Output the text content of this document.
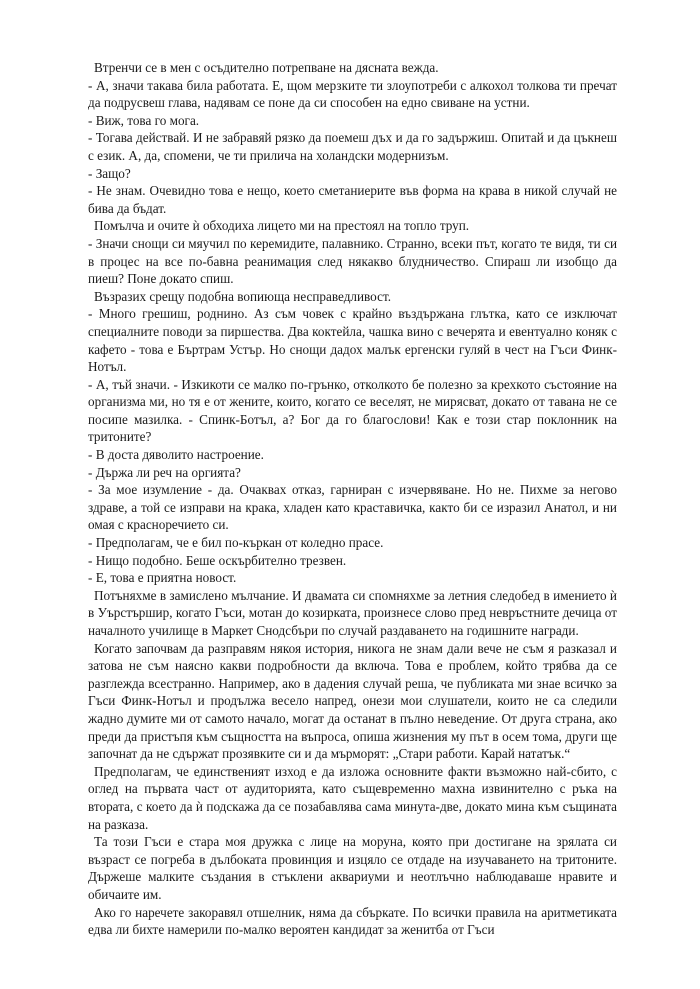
Втренчи се в мен с осъдително потрепване на дясната вежда.

- А, значи такава била работата. Е, щом мерзките ти злоупотреби с алкохол толкова ти пречат да подрусвеш глава, надявам се поне да си способен на едно свиване на устни.

- Виж, това го мога.

- Тогава действай. И не забравяй рязко да поемеш дъх и да го задържиш. Опитай и да цъкнеш с език. А, да, спомени, че ти прилича на холандски модернизъм.

- Защо?

- Не знам. Очевидно това е нещо, което сметаниерите във форма на крава в никой случай не бива да бъдат.

Помълча и очите ѝ обходиха лицето ми на престоял на топло труп.

- Значи снощи си мяучил по керемидите, палавнико. Странно, всеки път, когато те видя, ти си в процес на все по-бавна реанимация след някакво блудничество. Спираш ли изобщо да пиеш? Поне докато спиш.

Възразих срещу подобна вопиюща несправедливост.

- Много грешиш, роднино. Аз съм човек с крайно въздържана глътка, като се изключат специалните поводи за пиршества. Два коктейла, чашка вино с вечерята и евентуално коняк с кафето - това е Бъртрам Устър. Но снощи дадох малък ергенски гуляй в чест на Гъси Финк-Нотъл.

- А, тъй значи. - Изкикоти се малко по-грънко, отколкото бе полезно за крехкото състояние на организма ми, но тя е от жените, които, когато се веселят, не мирясват, докато от тавана не се посипе мазилка. - Спинк-Ботъл, а? Бог да го благослови! Как е този стар поклонник на тритоните?

- В доста дяволито настроение.

- Държа ли реч на оргията?

- За мое изумление - да. Очаквах отказ, гарниран с изчервяване. Но не. Пихме за негово здраве, а той се изправи на крака, хладен като краставичка, както би се изразил Анатол, и ни омая с красноречието си.

- Предполагам, че е бил по-къркан от коледно прасе.

- Нищо подобно. Беше оскърбително трезвен.

- Е, това е приятна новост.

Потъняхме в замислено мълчание. И двамата си спомняхме за летния следобед в имението ѝ в Уърстършир, когато Гъси, мотан до козирката, произнесе слово пред невръстните дечица от началното училище в Маркет Снодсбъри по случай раздаването на годишните награди.

Когато започвам да разправям някоя история, никога не знам дали вече не съм я разказал и затова не съм наясно какви подробности да включа. Това е проблем, който трябва да се разглежда всестранно. Например, ако в дадения случай реша, че публиката ми знае всичко за Гъси Финк-Нотъл и продължа весело напред, онези мои слушатели, които не са следили жадно думите ми от самото начало, могат да останат в пълно неведение. От друга страна, ако преди да пристъпя към същността на въпроса, опиша жизнения му път в осем тома, други ще започнат да не сдържат прозявките си и да мърморят: „Стари работи. Карай нататък.“

Предполагам, че единственият изход е да изложа основните факти възможно най-сбито, с оглед на първата част от аудиторията, като същевременно махна извинително с ръка на втората, с което да ѝ подскажа да се позабавлява сама минута-две, докато мина към същината на разказа.

Та този Гъси е стара моя дружка с лице на моруна, която при достигане на зрялата си възраст се погреба в дълбоката провинция и изцяло се отдаде на изучаването на тритоните. Държеше малките създания в стъклени аквариуми и неотлъчно наблюдаваше нравите и обичаите им.

Ако го наречете закоравял отшелник, няма да сбъркате. По всички правила на аритметиката едва ли бихте намерили по-малко вероятен кандидат за женитба от Гъси
